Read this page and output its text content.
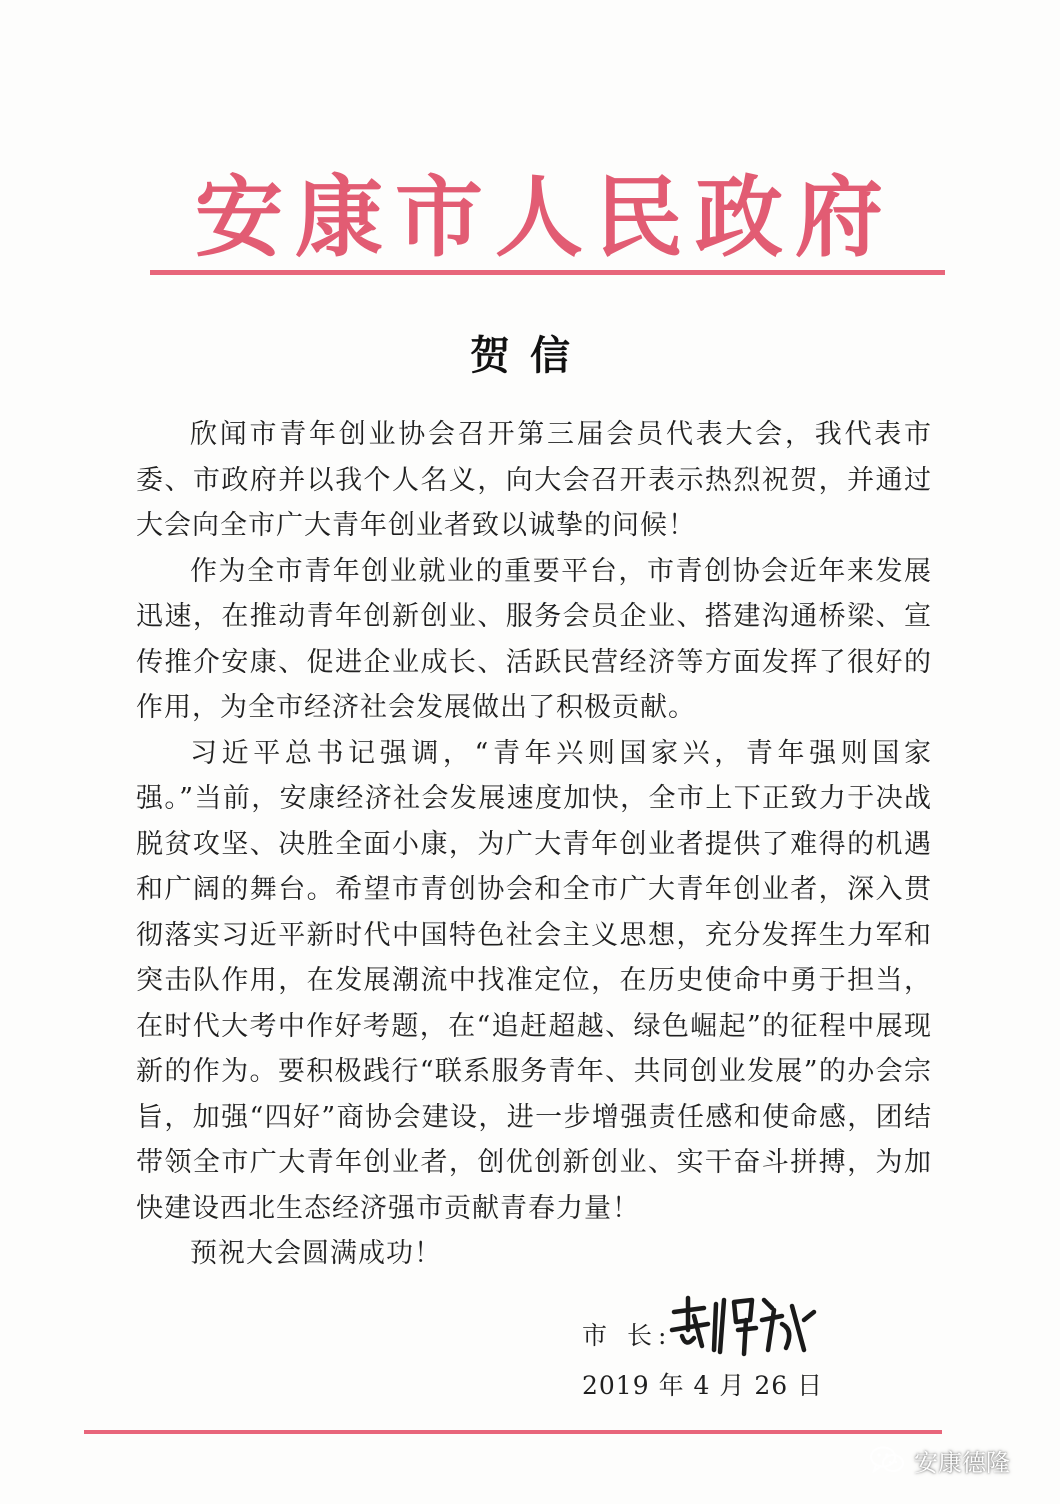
安康市人民政府
贺信

欣闻市青年创业协会召开第三届会员代表大会，我代表市委、市政府并以我个人名义，向大会召开表示热烈祝贺，并通过大会向全市广大青年创业者致以诚挚的问候！

作为全市青年创业就业的重要平台，市青创协会近年来发展迅速，在推动青年创新创业、服务会员企业、搭建沟通桥梁、宣传推介安康、促进企业成长、活跃民营经济等方面发挥了很好的作用，为全市经济社会发展做出了积极贡献。

习近平总书记强调，“青年兴则国家兴，青年强则国家强。”当前，安康经济社会发展速度加快，全市上下正致力于决战脱贫攻坚、决胜全面小康，为广大青年创业者提供了难得的机遇和广阔的舞台。希望市青创协会和全市广大青年创业者，深入贯彻落实习近平新时代中国特色社会主义思想，充分发挥生力军和突击队作用，在发展潮流中找准定位，在历史使命中勇于担当，在时代大考中作好考题，在“追赶超越、绿色崛起”的征程中展现新的作为。要积极践行“联系服务青年、共同创业发展”的办会宗旨，加强“四好”商协会建设，进一步增强责任感和使命感，团结带领全市广大青年创业者，创优创新创业、实干奋斗拼搏，为加快建设西北生态经济强市贡献青春力量！

预祝大会圆满成功！

市 长:
2019 年 4 月 26 日
安康德隆
